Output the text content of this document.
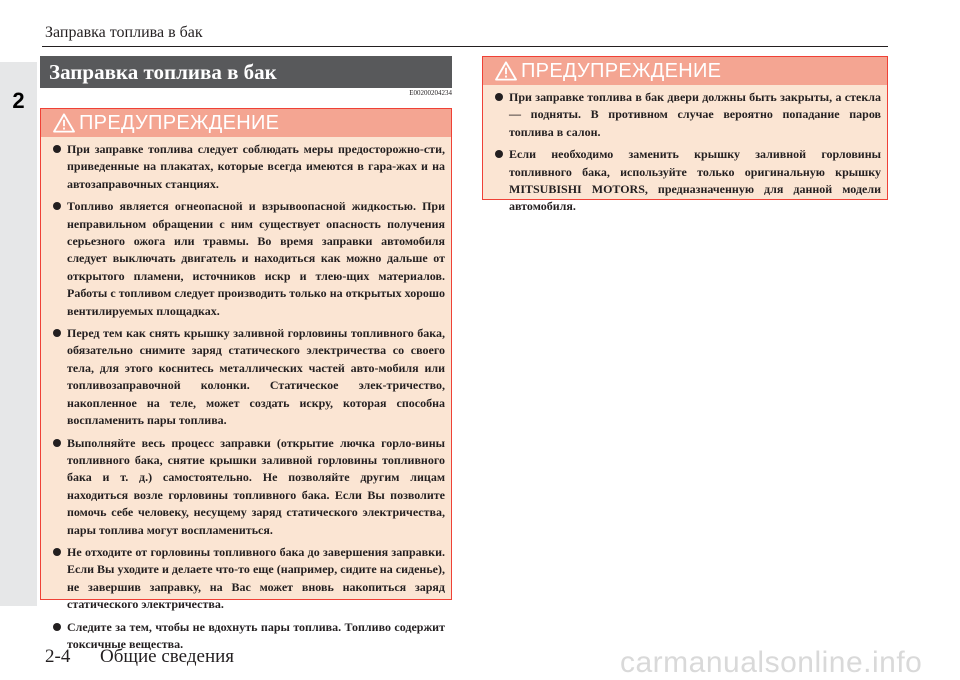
2
Заправка топлива в бак
Заправка топлива в бак
E00200204234
ПРЕДУПРЕЖДЕНИЕ
При заправке топлива следует соблюдать меры предосторожно-сти, приведенные на плакатах, которые всегда имеются в гара-жах и на автозаправочных станциях.
Топливо является огнеопасной и взрывоопасной жидкостью. При неправильном обращении с ним существует опасность получения серьезного ожога или травмы. Во время заправки автомобиля следует выключать двигатель и находиться как можно дальше от открытого пламени, источников искр и тлею-щих материалов. Работы с топливом следует производить только на открытых хорошо вентилируемых площадках.
Перед тем как снять крышку заливной горловины топливного бака, обязательно снимите заряд статического электричества со своего тела, для этого коснитесь металлических частей авто-мобиля или топливозаправочной колонки. Статическое элек-тричество, накопленное на теле, может создать искру, которая способна воспламенить пары топлива.
Выполняйте весь процесс заправки (открытие лючка горло-вины топливного бака, снятие крышки заливной горловины топливного бака и т. д.) самостоятельно. Не позволяйте другим лицам находиться возле горловины топливного бака. Если Вы позволите помочь себе человеку, несущему заряд статического электричества, пары топлива могут воспламениться.
Не отходите от горловины топливного бака до завершения заправки. Если Вы уходите и делаете что-то еще (например, сидите на сиденье), не завершив заправку, на Вас может вновь накопиться заряд статического электричества.
Следите за тем, чтобы не вдохнуть пары топлива. Топливо содержит токсичные вещества.
ПРЕДУПРЕЖДЕНИЕ
При заправке топлива в бак двери должны быть закрыты, а стекла — подняты. В противном случае вероятно попадание паров топлива в салон.
Если необходимо заменить крышку заливной горловины топливного бака, используйте только оригинальную крышку MITSUBISHI MOTORS, предназначенную для данной модели автомобиля.
2-4 Общие сведения	carmanualsonline.info
